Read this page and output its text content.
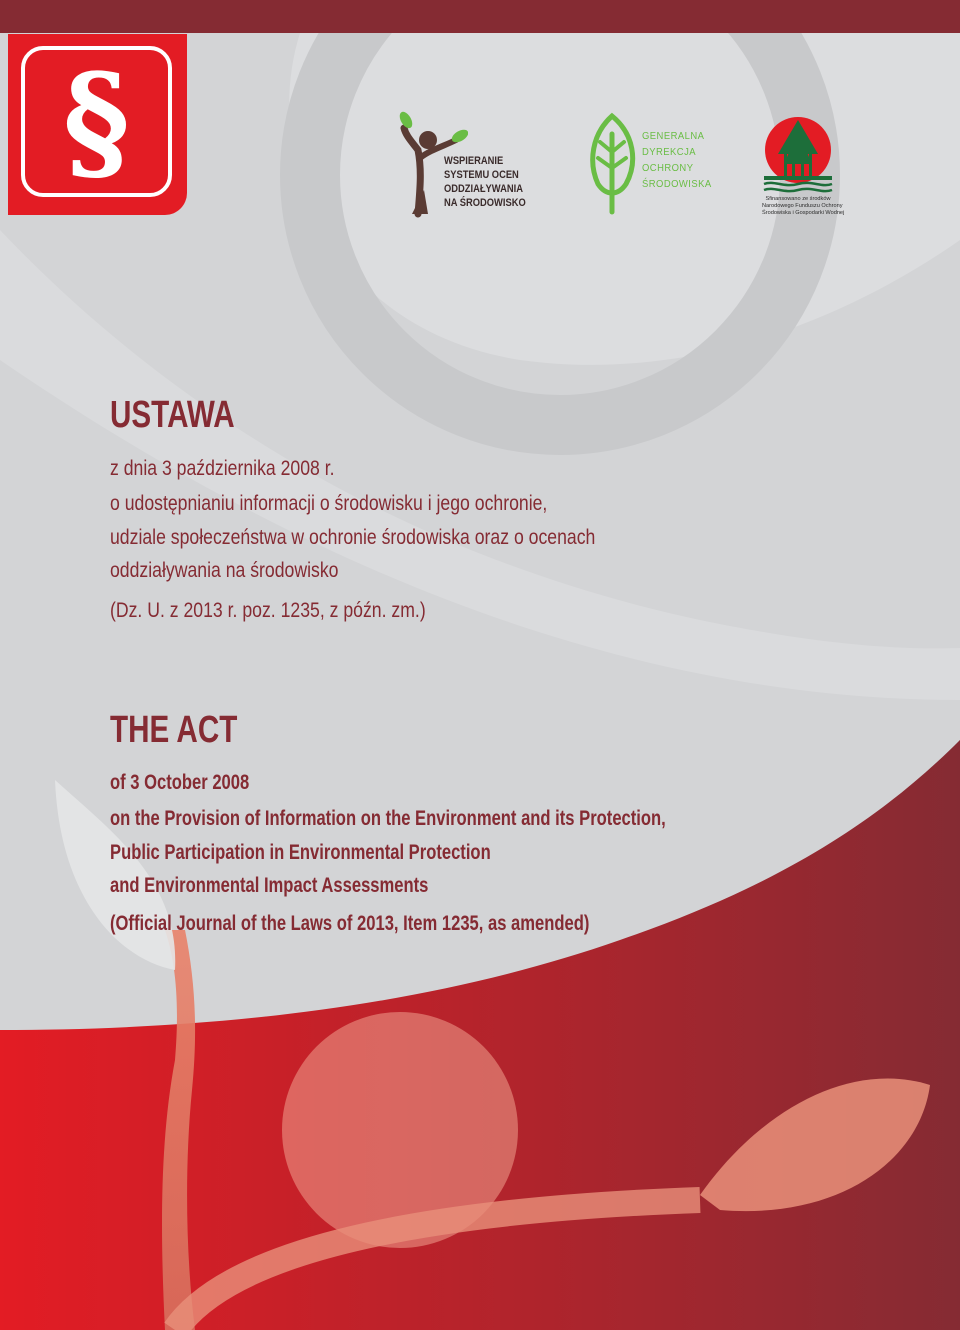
§	WSPIERANIE
SYSTEMU OCEN
ODDZIAŁYWANIA
NA ŚRODOWISKO
GENERALNA
DYREKCJA
OCHRONY
ŚRODOWISKA
Sfinansowano ze środków
Narodowego Funduszu Ochrony
Środowiska i Gospodarki Wodnej
USTAWA
z dnia 3 października 2008 r.
o udostępnianiu informacji o środowisku i jego ochronie,
udziale społeczeństwa w ochronie środowiska oraz o ocenach
oddziaływania na środowisko
(Dz. U. z 2013 r. poz. 1235, z późn. zm.)
THE ACT
of 3 October 2008
on the Provision of Information on the Environment and its Protection,
Public Participation in Environmental Protection
and Environmental Impact Assessments
(Official Journal of the Laws of 2013, Item 1235, as amended)
